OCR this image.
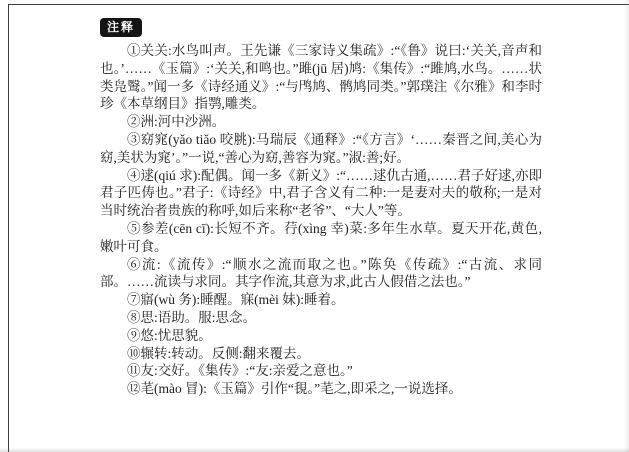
注释

①关关:水鸟叫声。王先谦《三家诗义集疏》:“《鲁》说曰:‘关关,音声和也。’……《玉篇》:‘关关,和鸣也。”雎(jū 居)鸠:《集传》:“雎鸠,水鸟。……状类凫鹥。”闻一多《诗经通义》:“与鸤鸠、鹘鸠同类。”郭璞注《尔雅》和李时珍《本草纲目》指鹗,雕类。

②洲:河中沙洲。

③窈窕(yǎo tiǎo 咬脁):马瑞辰《通释》:“《方言》‘……秦晋之间,美心为窈,美状为窕’。”一说,“善心为窈,善容为窕。”淑:善;好。

④逑(qiú 求):配偶。闻一多《新义》:“……逑仇古通,……君子好逑,亦即君子匹俦也。”君子:《诗经》中,君子含义有二种:一是妻对夫的敬称;一是对当时统治者贵族的称呼,如后来称“老爷”、“大人”等。

⑤参差(cēn cī):长短不齐。荇(xìng 幸)菜:多年生水草。夏天开花,黄色,嫩叶可食。

⑥流:《流传》:“顺水之流而取之也。”陈奂《传疏》:“古流、求同部。……流读与求同。其字作流,其意为求,此古人假借之法也。”

⑦寤(wù 务):睡醒。寐(mèi 妹):睡着。

⑧思:语助。服:思念。

⑨悠:忧思貌。

⑩辗转:转动。反侧:翻来覆去。

⑪友:交好。《集传》:“友:亲爱之意也。”

⑫芼(mào 冒):《玉篇》引作“覒。”芼之,即采之,一说选择。
